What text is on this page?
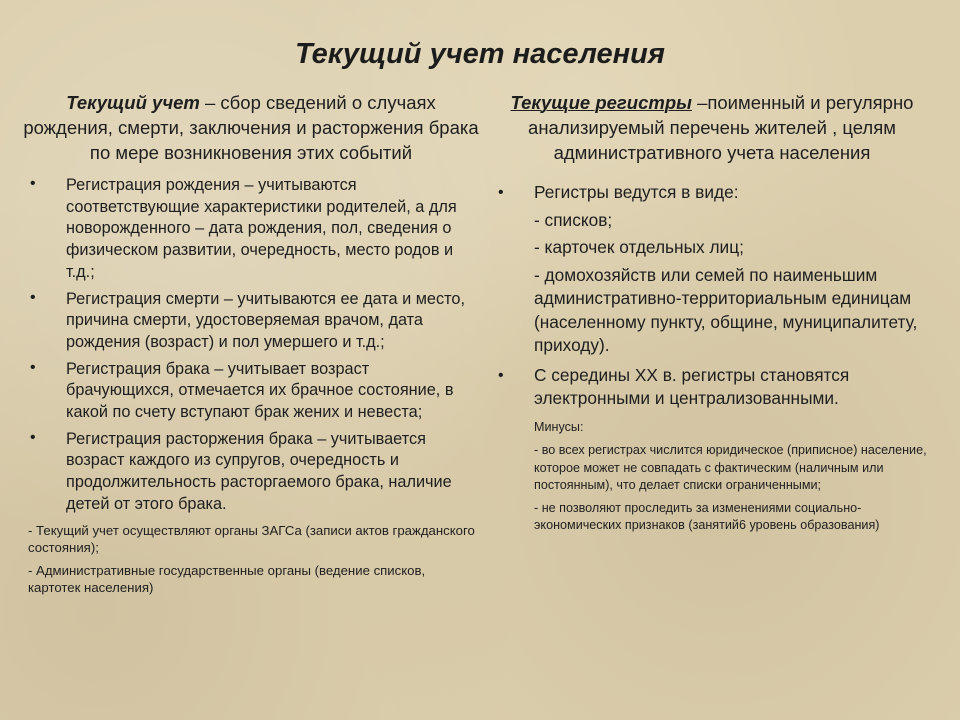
Текущий учет населения

Текущий учет – сбор сведений о случаях рождения, смерти, заключения и расторжения брака по мере возникновения этих событий

• Регистрация рождения – учитываются соответствующие характеристики родителей, а для новорожденного – дата рождения, пол, сведения о физическом развитии, очередность, место родов и т.д.;
• Регистрация смерти – учитываются ее дата и место, причина смерти, удостоверяемая врачом, дата рождения (возраст) и пол умершего и т.д.;
• Регистрация брака – учитывает возраст брачующихся, отмечается их брачное состояние, в какой по счету вступают брак жених и невеста;
• Регистрация расторжения брака – учитывается возраст каждого из супругов, очередность и продолжительность расторгаемого брака, наличие детей от этого брака.

- Текущий учет осуществляют органы ЗАГСа (записи актов гражданского состояния);

- Административные государственные органы (ведение списков, картотек населения)

Текущие регистры –поименный и регулярно анализируемый перечень жителей , целям административного учета населения

• Регистры ведутся в виде:
- списков;
- карточек отдельных лиц;
- домохозяйств или семей по наименьшим административно-территориальным единицам (населенному пункту, общине, муниципалитету, приходу).
• С середины XX в. регистры становятся электронными и централизованными.

Минусы:

- во всех регистрах числится юридическое (приписное) население, которое может не совпадать с фактическим (наличным или постоянным), что делает списки ограниченными;

- не позволяют проследить за изменениями социально-экономических признаков (занятий6 уровень образования)
